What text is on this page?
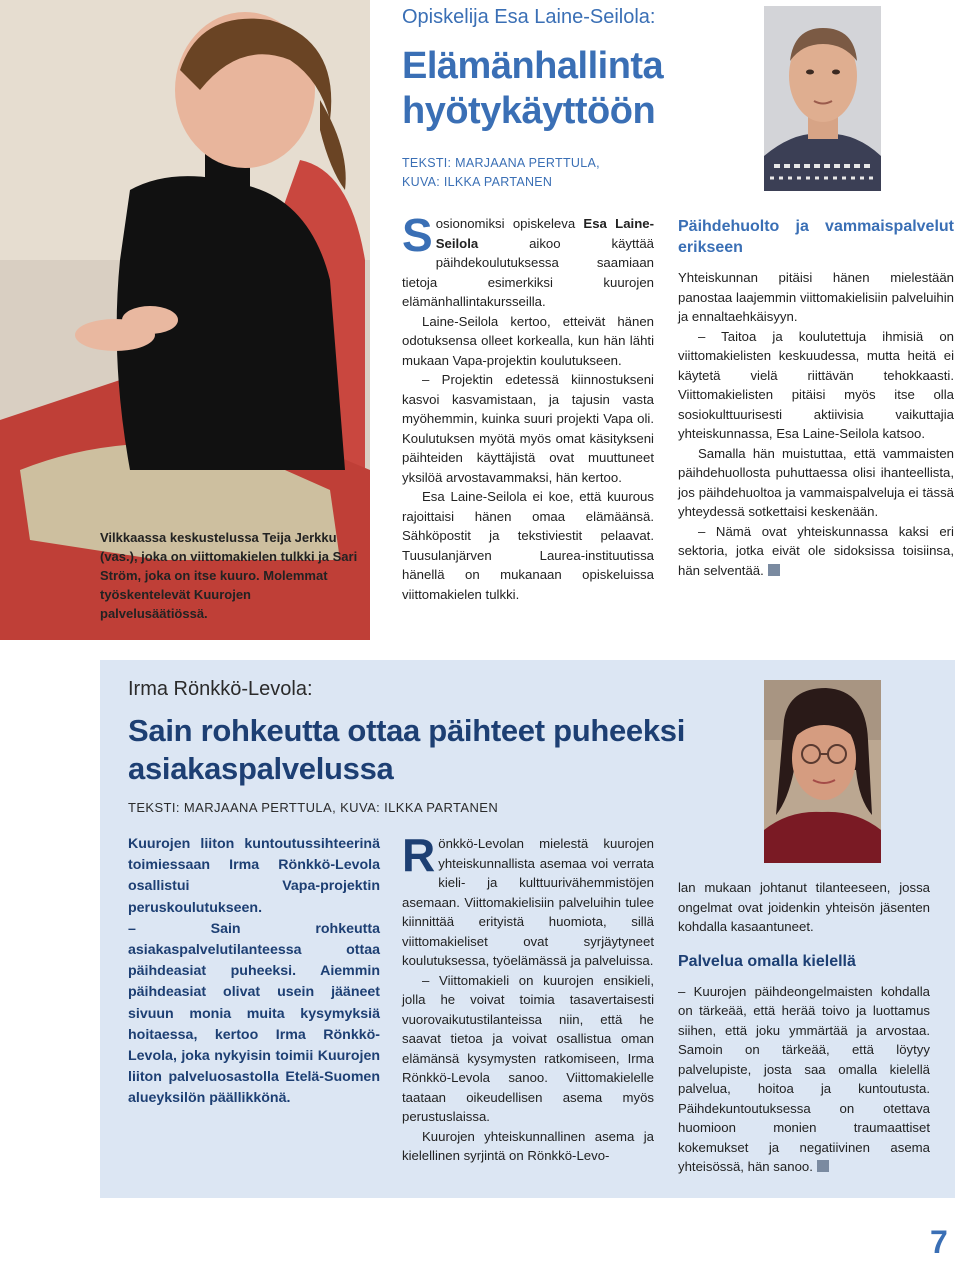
Vilkkaassa keskustelussa Teija Jerkku (vas.), joka on viittomakielen tulkki ja Sari Ström, joka on itse kuuro. Molemmat työskentelevät Kuurojen palvelusäätiössä.
Opiskelija Esa Laine-Seilola:
Elämänhallinta hyötykäyttöön
TEKSTI: MARJAANA PERTTULA,
KUVA: ILKKA PARTANEN

Sosionomiksi opiskeleva Esa Laine-Seilola aikoo käyttää päihdekoulutuksessa saamiaan tietoja esimerkiksi kuurojen elämänhallintakursseilla.

Laine-Seilola kertoo, etteivät hänen odotuksensa olleet korkealla, kun hän lähti mukaan Vapa-projektin koulutukseen.

– Projektin edetessä kiinnostukseni kasvoi kasvamistaan, ja tajusin vasta myöhemmin, kuinka suuri projekti Vapa oli. Koulutuksen myötä myös omat käsitykseni päihteiden käyttäjistä ovat muuttuneet yksilöä arvostavammaksi, hän kertoo.

Esa Laine-Seilola ei koe, että kuurous rajoittaisi hänen omaa elämäänsä. Sähköpostit ja tekstiviestit pelaavat. Tuusulanjärven Laurea-instituutissa hänellä on mukanaan opiskeluissa viittomakielen tulkki.

Päihdehuolto ja vammaispalvelut erikseen

Yhteiskunnan pitäisi hänen mielestään panostaa laajemmin viittomakielisiin palveluihin ja ennaltaehkäisyyn.

– Taitoa ja koulutettuja ihmisiä on viittomakielisten keskuudessa, mutta heitä ei käytetä vielä riittävän tehokkaasti. Viittomakielisten pitäisi myös itse olla sosiokulttuurisesti aktiivisia vaikuttajia yhteiskunnassa, Esa Laine-Seilola katsoo.

Samalla hän muistuttaa, että vammaisten päihdehuollosta puhuttaessa olisi ihanteellista, jos päihdehuoltoa ja vammaispalveluja ei tässä yhteydessä sotkettaisi keskenään.

– Nämä ovat yhteiskunnassa kaksi eri sektoria, jotka eivät ole sidoksissa toisiinsa, hän selventää.

Irma Rönkkö-Levola:
Sain rohkeutta ottaa päihteet puheeksi asiakaspalvelussa
TEKSTI: MARJAANA PERTTULA, KUVA: ILKKA PARTANEN

Kuurojen liiton kuntoutussihteerinä toimiessaan Irma Rönkkö-Levola osallistui Vapa-projektin peruskoulutukseen.

– Sain rohkeutta asiakaspalvelutilanteessa ottaa päihdeasiat puheeksi. Aiemmin päihdeasiat olivat usein jääneet sivuun monia muita kysymyksiä hoitaessa, kertoo Irma Rönkkö-Levola, joka nykyisin toimii Kuurojen liiton palveluosastolla Etelä-Suomen alueyksilön päällikkönä.

Rönkkö-Levolan mielestä kuurojen yhteiskunnallista asemaa voi verrata kieli- ja kulttuurivähemmistöjen asemaan. Viittomakielisiin palveluihin tulee kiinnittää erityistä huomiota, sillä viittomakieliset ovat syrjäytyneet koulutuksessa, työelämässä ja palveluissa.

– Viittomakieli on kuurojen ensikieli, jolla he voivat toimia tasavertaisesti vuorovaikutustilanteissa niin, että he saavat tietoa ja voivat osallistua oman elämänsä kysymysten ratkomiseen, Irma Rönkkö-Levola sanoo. Viittomakielelle taataan oikeudellisen asema myös perustuslaissa.

Kuurojen yhteiskunnallinen asema ja kielellinen syrjintä on Rönkkö-Levo-

lan mukaan johtanut tilanteeseen, jossa ongelmat ovat joidenkin yhteisön jäsenten kohdalla kasaantuneet.

Palvelua omalla kielellä

– Kuurojen päihdeongelmaisten kohdalla on tärkeää, että herää toivo ja luottamus siihen, että joku ymmärtää ja arvostaa. Samoin on tärkeää, että löytyy palvelupiste, josta saa omalla kielellä palvelua, hoitoa ja kuntoutusta. Päihdekuntoutuksessa on otettava huomioon monien traumaattiset kokemukset ja negatiivinen asema yhteisössä, hän sanoo.

7
